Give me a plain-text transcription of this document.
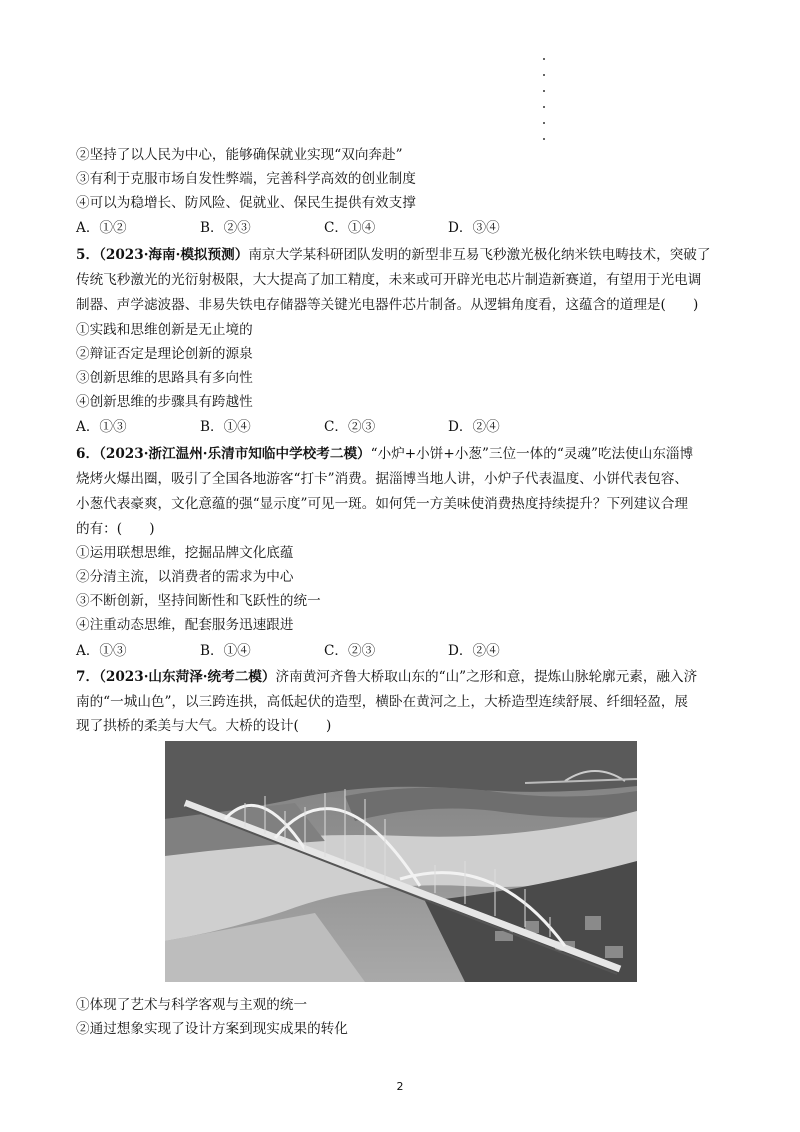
②坚持了以人民为中心，能够确保就业实现“双向奔赴”
③有利于克服市场自发性弊端，完善科学高效的创业制度
④可以为稳增长、防风险、促就业、保民生提供有效支撑
A．①②	B．②③	C．①④	D．③④
5．（2023·海南·模拟预测）南京大学某科研团队发明的新型非互易飞秒激光极化纳米铁电畴技术，突破了
传统飞秒激光的光衍射极限，大大提高了加工精度，未来或可开辟光电芯片制造新赛道，有望用于光电调
制器、声学滤波器、非易失铁电存储器等关键光电器件芯片制备。从逻辑角度看，这蕴含的道理是(　　)
①实践和思维创新是无止境的
②辩证否定是理论创新的源泉
③创新思维的思路具有多向性
④创新思维的步骤具有跨越性
A．①③	B．①④	C．②③	D．②④
6．（2023·浙江温州·乐清市知临中学校考二模）“小炉+小饼+小葱”三位一体的“灵魂”吃法使山东淄博
烧烤火爆出圈，吸引了全国各地游客“打卡”消费。据淄博当地人讲，小炉子代表温度、小饼代表包容、
小葱代表豪爽，文化意蕴的强“显示度”可见一斑。如何凭一方美味使消费热度持续提升？下列建议合理
的有：(　　)
①运用联想思维，挖掘品牌文化底蕴
②分清主流，以消费者的需求为中心
③不断创新，坚持间断性和飞跃性的统一
④注重动态思维，配套服务迅速跟进
A．①③	B．①④	C．②③	D．②④
7．（2023·山东菏泽·统考二模）济南黄河齐鲁大桥取山东的“山”之形和意，提炼山脉轮廓元素，融入济
南的“一城山色”，以三跨连拱，高低起伏的造型，横卧在黄河之上，大桥造型连续舒展、纤细轻盈，展
现了拱桥的柔美与大气。大桥的设计(　　)
①体现了艺术与科学客观与主观的统一
②通过想象实现了设计方案到现实成果的转化
2
